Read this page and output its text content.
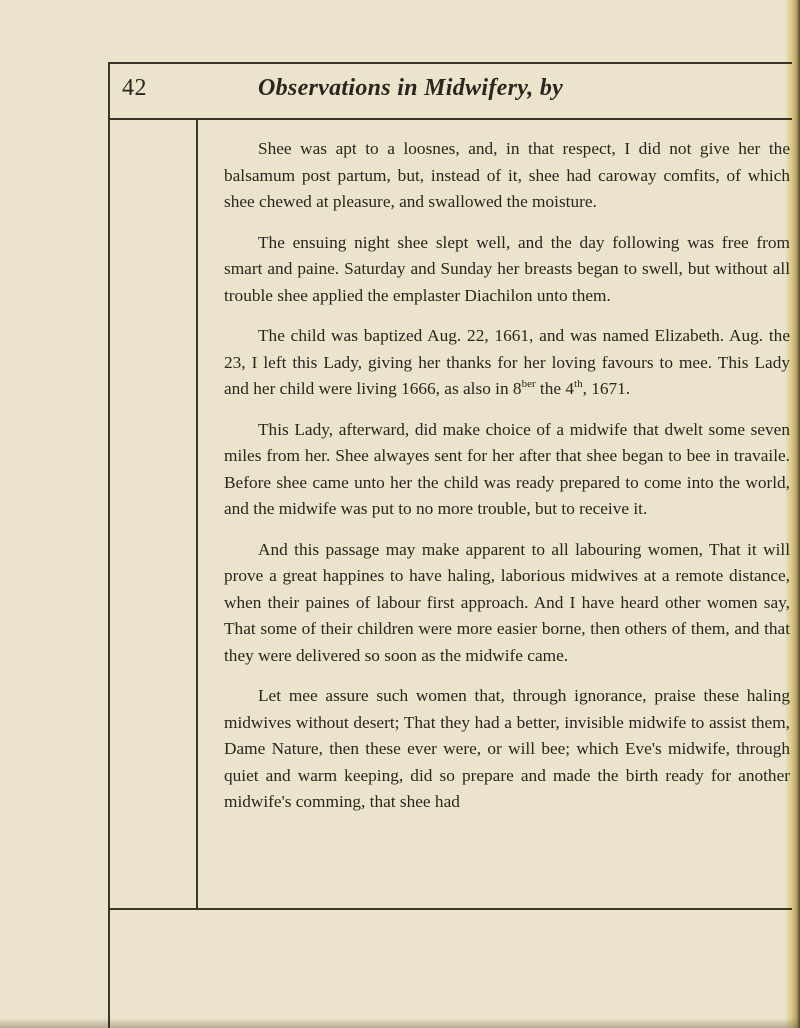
42	Observations in Midwifery, by

Shee was apt to a loosnes, and, in that respect, I did not give her the balsamum post partum, but, instead of it, shee had caroway comfits, of which shee chewed at pleasure, and swallowed the moisture.

The ensuing night shee slept well, and the day following was free from smart and paine. Saturday and Sunday her breasts began to swell, but without all trouble shee applied the emplaster Diachilon unto them.

The child was baptized Aug. 22, 1661, and was named Elizabeth. Aug. the 23, I left this Lady, giving her thanks for her loving favours to mee. This Lady and her child were living 1666, as also in $8^{ber}$ the 4th, 1671.

This Lady, afterward, did make choice of a midwife that dwelt some seven miles from her. Shee alwayes sent for her after that shee began to bee in travaile. Before shee came unto her the child was ready prepared to come into the world, and the midwife was put to no more trouble, but to receive it.

And this passage may make apparent to all labouring women, That it will prove a great happines to have haling, laborious midwives at a remote distance, when their paines of labour first approach. And I have heard other women say, That some of their children were more easier borne, then others of them, and that they were delivered so soon as the midwife came.

Let mee assure such women that, through ignorance, praise these haling midwives without desert; That they had a better, invisible midwife to assist them, Dame Nature, then these ever were, or will bee; which Eve's midwife, through quiet and warm keeping, did so prepare and made the birth ready for another midwife's comming, that shee had
